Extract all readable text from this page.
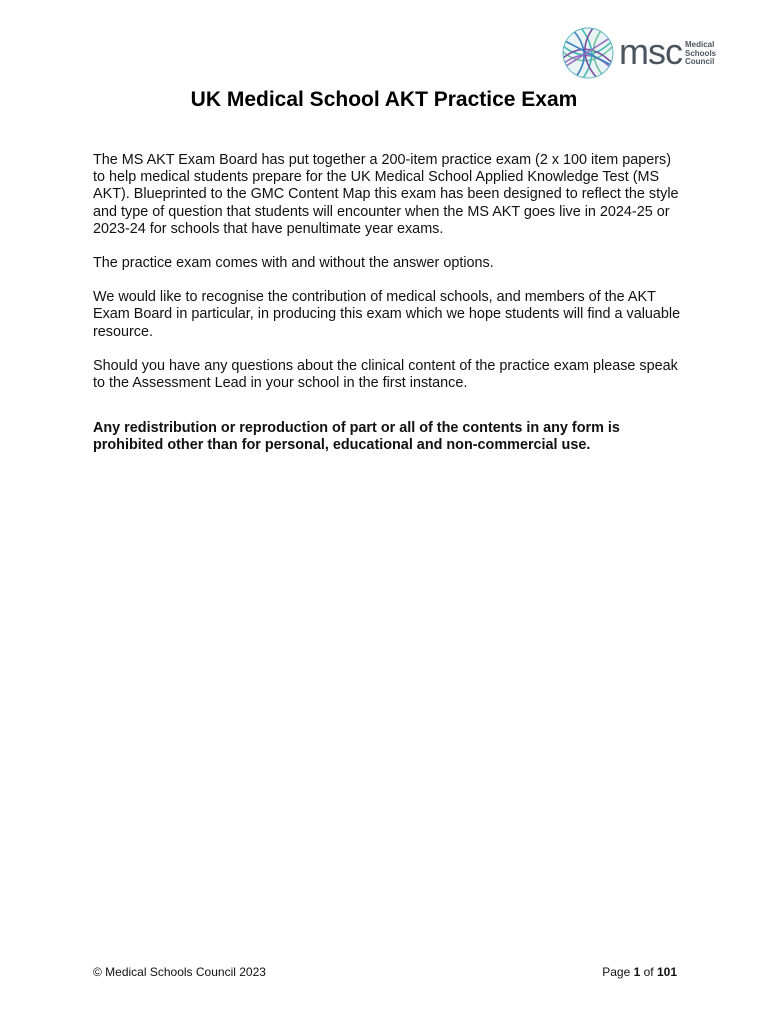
msc Medical
Schools
Council
UK Medical School AKT Practice Exam

The MS AKT Exam Board has put together a 200-item practice exam (2 x 100 item papers) to help medical students prepare for the UK Medical School Applied Knowledge Test (MS AKT). Blueprinted to the GMC Content Map this exam has been designed to reflect the style and type of question that students will encounter when the MS AKT goes live in 2024-25 or 2023-24 for schools that have penultimate year exams.

The practice exam comes with and without the answer options.

We would like to recognise the contribution of medical schools, and members of the AKT Exam Board in particular, in producing this exam which we hope students will find a valuable resource.

Should you have any questions about the clinical content of the practice exam please speak to the Assessment Lead in your school in the first instance.

Any redistribution or reproduction of part or all of the contents in any form is prohibited other than for personal, educational and non-commercial use.

© Medical Schools Council 2023	Page 1 of 101
